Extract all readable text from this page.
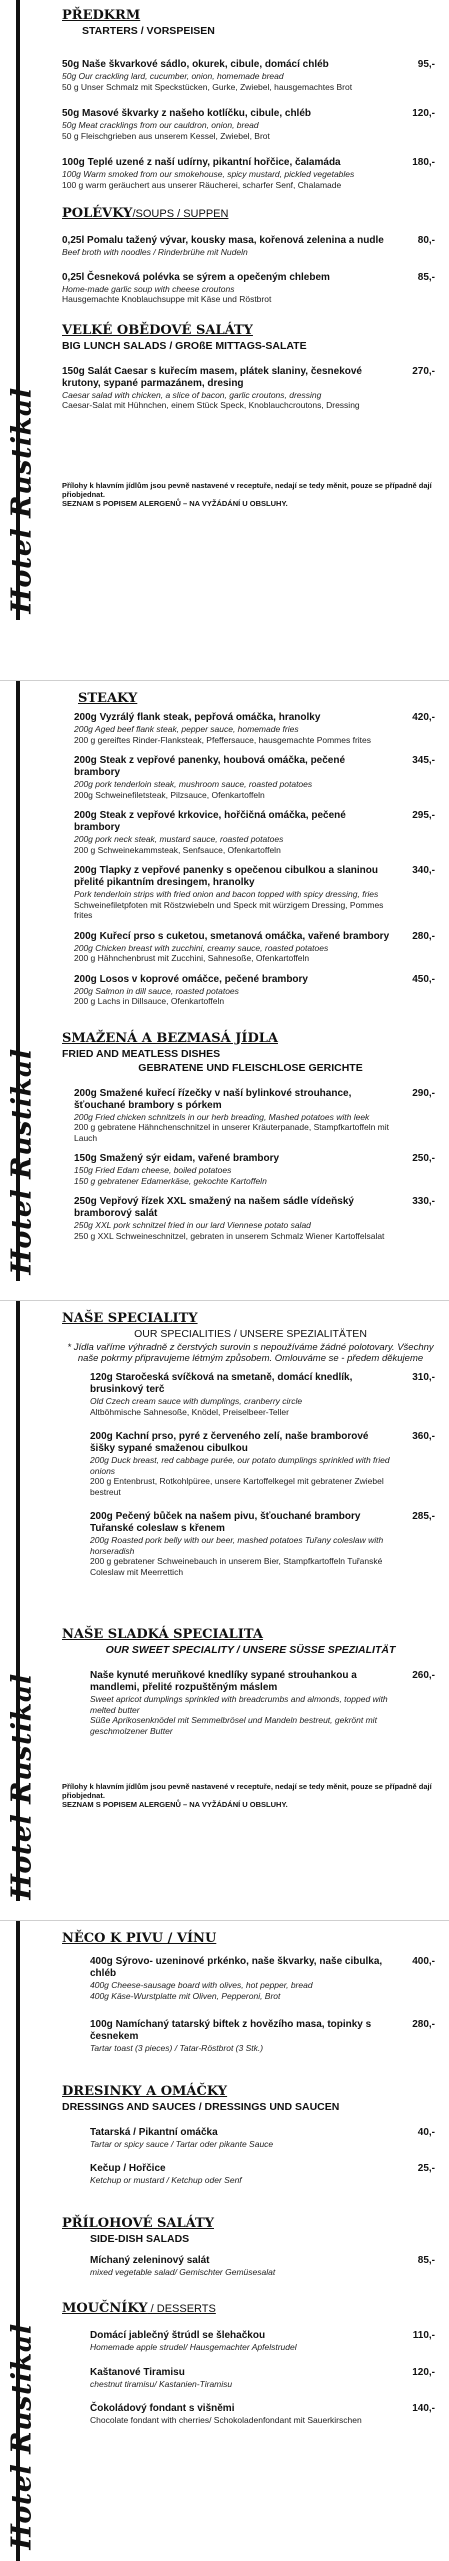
Hotel Rustikal
PŘEDKRM
STARTERS / VORSPEISEN
50g Naše škvarkové sádlo, okurek, cibule, domácí chléb
50g Our crackling lard, cucumber, onion, homemade bread
50 g Unser Schmalz mit Speckstücken, Gurke, Zwiebel, hausgemachtes Brot
95,-
50g Masové škvarky z našeho kotlíčku, cibule, chléb
50g Meat cracklings from our cauldron, onion, bread
50 g Fleischgrieben aus unserem Kessel, Zwiebel, Brot
120,-
100g Teplé uzené z naší udírny, pikantní hořčice, čalamáda
100g Warm smoked from our smokehouse, spicy mustard, pickled vegetables
100 g warm geräuchert aus unserer Räucherei, scharfer Senf, Chalamade
180,-
POLÉVKY/SOUPS / SUPPEN
0,25l Pomalu tažený vývar, kousky masa, kořenová zelenina a nudle
Beef broth with noodles / Rinderbrühe mit Nudeln
80,-
0,25l Česneková polévka se sýrem a opečeným chlebem
Home-made garlic soup with cheese croutons
Hausgemachte Knoblauchsuppe mit Käse und Röstbrot
85,-
VELKÉ OBĚDOVÉ SALÁTY
BIG LUNCH SALADS / GROßE MITTAGS-SALATE
150g Salát Caesar s kuřecím masem, plátek slaniny, česnekové krutony, sypané parmazánem, dresing
Caesar salad with chicken, a slice of bacon, garlic croutons, dressing
Caesar-Salat mit Hühnchen, einem Stück Speck, Knoblauchcroutons, Dressing
270,-
Přílohy k hlavním jídlům jsou pevně nastavené v receptuře, nedají se tedy měnit, pouze se případně dají přiobjednat.
SEZNAM S POPISEM ALERGENŮ – NA VYŽÁDÁNÍ U OBSLUHY.
Hotel Rustikal
STEAKY
200g Vyzrálý flank steak, pepřová omáčka, hranolky
200g Aged beef flank steak, pepper sauce, homemade fries
200 g gereiftes Rinder-Flanksteak, Pfeffersauce, hausgemachte Pommes frites
420,-
200g Steak z vepřové panenky, houbová omáčka, pečené brambory
200g pork tenderloin steak, mushroom sauce, roasted potatoes
200g Schweinefiletsteak, Pilzsauce, Ofenkartoffeln
345,-
200g Steak z vepřové krkovice, hořčičná omáčka, pečené brambory
200g pork neck steak, mustard sauce, roasted potatoes
200 g Schweinekammsteak, Senfsauce, Ofenkartoffeln
295,-
200g Tlapky z vepřové panenky s opečenou cibulkou a slaninou přelité pikantním dresingem, hranolky
Pork tenderloin strips with fried onion and bacon topped with spicy dressing, fries
Schweinefiletpfoten mit Röstzwiebeln und Speck mit würzigem Dressing, Pommes frites
340,-
200g Kuřecí prso s cuketou, smetanová omáčka, vařené brambory
200g Chicken breast with zucchini, creamy sauce, roasted potatoes
200 g Hähnchenbrust mit Zucchini, Sahnesoße, Ofenkartoffeln
280,-
200g Losos v koprové omáčce, pečené brambory
200g Salmon in dill sauce, roasted potatoes
200 g Lachs in Dillsauce, Ofenkartoffeln
450,-
SMAŽENÁ A BEZMASÁ JÍDLA
FRIED AND MEATLESS DISHES
GEBRATENE UND FLEISCHLOSE GERICHTE
200g Smažené kuřecí řízečky v naší bylinkové strouhance, šťouchané brambory s pórkem
200g Fried chicken schnitzels in our herb breading, Mashed potatoes with leek
200 g gebratene Hähnchenschnitzel in unserer Kräuterpanade, Stampfkartoffeln mit Lauch
290,-
150g Smažený sýr eidam, vařené brambory
150g Fried Edam cheese, boiled potatoes
150 g gebratener Edamerkäse, gekochte Kartoffeln
250,-
250g Vepřový řízek XXL smažený na našem sádle vídeňský bramborový salát
250g XXL pork schnitzel fried in our lard Viennese potato salad
250 g XXL Schweineschnitzel, gebraten in unserem Schmalz Wiener Kartoffelsalat
330,-
Hotel Rustikal
NAŠE SPECIALITY
OUR SPECIALITIES / UNSERE SPEZIALITÄTEN
* Jídla vaříme výhradně z čerstvých surovin s nepoužíváme žádné polotovary. Všechny naše pokrmy připravujeme létmým způsobem. Omlouváme se - předem děkujeme
120g Staročeská svíčková na smetaně, domácí knedlík, brusinkový terč
Old Czech cream sauce with dumplings, cranberry circle
Altböhmische Sahnesoße, Knödel, Preiselbeer-Teller
310,-
200g Kachní prso, pyré z červeného zelí, naše bramborové šišky sypané smaženou cibulkou
200g Duck breast, red cabbage purée, our potato dumplings sprinkled with fried onions
200 g Entenbrust, Rotkohlpüree, unsere Kartoffelkegel mit gebratener Zwiebel bestreut
360,-
200g Pečený bůček na našem pivu, šťouchané brambory Tuřanské coleslaw s křenem
200g Roasted pork belly with our beer, mashed potatoes Tuřany coleslaw with horseradish
200 g gebratener Schweinebauch in unserem Bier, Stampfkartoffeln Tuřanské Coleslaw mit Meerrettich
285,-
NAŠE SLADKÁ SPECIALITA
OUR SWEET SPECIALITY / UNSERE SÜSSE SPEZIALITÄT
Naše kynuté meruňkové knedlíky sypané strouhankou a mandlemi, přelité rozpuštěným máslem
Sweet apricot dumplings sprinkled with breadcrumbs and almonds, topped with melted butter
Süße Aprikosenknödel mit Semmelbrösel und Mandeln bestreut, gekrönt mit geschmolzener Butter
260,-
Přílohy k hlavním jídlům jsou pevně nastavené v receptuře, nedají se tedy měnit, pouze se případně dají přiobjednat.
SEZNAM S POPISEM ALERGENŮ – NA VYŽÁDÁNÍ U OBSLUHY.
Hotel Rustikal
NĚCO K PIVU / VÍNU
400g Sýrovo- uzeninové prkénko, naše škvarky, naše cibulka, chléb
400g Cheese-sausage board with olives, hot pepper, bread
400g Käse-Wurstplatte mit Oliven, Pepperoni, Brot
400,-
100g Namíchaný tatarský biftek z hovězího masa, topinky s česnekem
Tartar toast (3 pieces) / Tatar-Röstbrot (3 Stk.)
280,-
DRESINKY A OMÁČKY
DRESSINGS AND SAUCES / DRESSINGS UND SAUCEN
Tatarská / Pikantní omáčka
Tartar or spicy sauce / Tartar oder pikante Sauce
40,-
Kečup / Hořčice
Ketchup or mustard / Ketchup oder Senf
25,-
PŘÍLOHOVÉ SALÁTY
SIDE-DISH SALADS
Míchaný zeleninový salát
mixed vegetable salad/ Gemischter Gemüsesalat
85,-
MOUČNÍKY / DESSERTS
Domácí jablečný štrúdl se šlehačkou
Homemade apple strudel/ Hausgemachter Apfelstrudel
110,-
Kaštanové Tiramisu
chestnut tiramisu/ Kastanien-Tiramisu
120,-
Čokoládový fondant s višněmi
Chocolate fondant with cherries/ Schokoladenfondant mit Sauerkirschen
140,-
